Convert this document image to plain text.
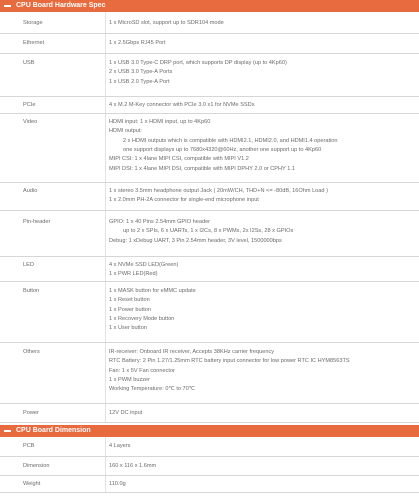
CPU Board Hardware Spec
Storage	1 x MicroSD slot, support up to SDR104 mode
Ethernet	1 x 2.5Gbps RJ45 Port
USB	1 x USB 3.0 Type-C DRP port, which supports DP display (up to 4Kp60)
2 x USB 3.0 Type-A Ports
1 x USB 2.0 Type-A Port
PCIe	4 x M.2 M-Key connector with PCIe 3.0 x1 for NVMe SSDs
Video	HDMI input: 1 x HDMI input, up to 4Kp60
HDMI output:
2 x HDMI outputs which is compatible with HDMI2.1, HDMI2.0, and HDMI1.4 operation
one support displays up to 7680x4320@60Hz, another one support up to 4Kp60
MIPI CSI: 1 x 4lane MIPI CSI, compatible with MIPI V1.2
MIPI DSI: 1 x 4lane MIPI DSI, compatible with MIPI DPHY 2.0 or CPHY 1.1
Audio	1 x stereo 3.5mm headphone output Jack ( 20mW/CH, THD+N <= -80dB, 16Ohm Load )
1 x 2.0mm PH-2A connector for single-end microphone input
Pin-header	GPIO: 1 x 40 Pins 2.54mm GPIO header
up to 2 x SPIs, 6 x UARTs, 1 x I2Cs, 8 x PWMs, 2x I2Ss, 28 x GPIOs
Debug: 1 xDebug UART, 3 Pin 2.54mm header, 3V level, 1500000bps
LED	4 x NVMe SSD LED(Green)
1 x PWR LED(Red)
Button	1 x MASK button for eMMC update
1 x Reset button
1 x Power button
1 x Recovery Mode button
1 x User button
Others	IR-receiver: Onboard IR receiver, Accepts 38KHz carrier frequency
RTC Battery: 2 Pin 1.27/1.25mm RTC battery input connector for low power RTC IC HYM8563TS
Fan: 1 x 5V Fan connector
1 x PWM buzzer
Working Temperature: 0℃ to 70℃
Power	12V DC input
CPU Board Dimension
PCB	4 Layers
Dimension	160 x 116 x 1.6mm
Weight	110.0g
